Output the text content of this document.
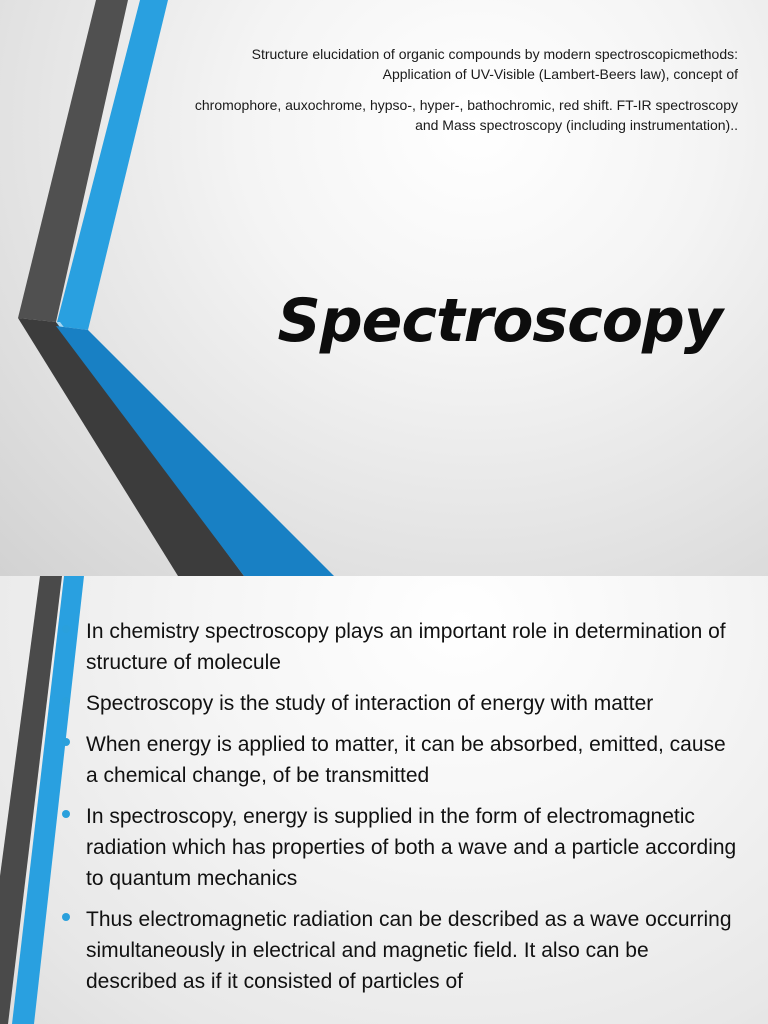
Structure elucidation of organic compounds by modern spectroscopicmethods:
Application of UV-Visible (Lambert-Beers law), concept of
chromophore, auxochrome, hypso-, hyper-, bathochromic, red shift. FT-IR spectroscopy
and Mass spectroscopy (including instrumentation)..
Spectroscopy
In chemistry spectroscopy plays an important role in determination of structure of molecule
Spectroscopy is the study of interaction of energy with matter
When energy is applied to matter, it can be absorbed, emitted, cause a chemical change, of be transmitted
In spectroscopy, energy is supplied in the form of electromagnetic radiation which has properties of both a wave and a particle according to quantum mechanics
Thus electromagnetic radiation can be described as a wave occurring simultaneously in electrical and magnetic field. It also can be described as if it consisted of particles of
